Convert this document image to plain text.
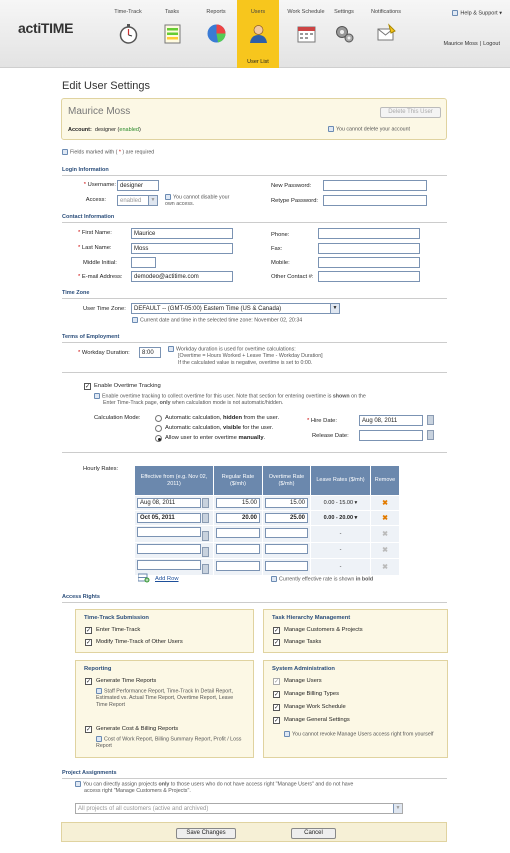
actiTIME
Time-Track	Tasks	Reports	Users	Work Schedule	Settings	Notifications	Help & Support ▾
Maurice Moss | Logout
User List
Edit User Settings
Maurice Moss	Delete This User
Account: designer (enabled)	You cannot delete your account
Fields marked with ( * ) are required
Login Information
* Username: designer
Access:	enabled	▼	You cannot disable your own access.
New Password:
Retype Password:
Contact Information
* First Name:	Maurice
* Last Name:	Moss
Middle Initial:
* E-mail Address:	demodeo@actitime.com
Phone:
Fax:
Mobile:
Other Contact #:
Time Zone
User Time Zone:	DEFAULT -- (GMT-05:00) Eastern Time (US & Canada)	▼
Current date and time in the selected time zone: November 02, 20:34
Terms of Employment
* Workday Duration:	8:00
Workday duration is used for overtime calculations:
[Overtime = Hours Worked + Leave Time - Workday Duration]
If the calculated value is negative, overtime is set to 0:00.
✓ Enable Overtime Tracking
Enable overtime tracking to collect overtime for this user. Note that section for entering overtime is shown on the
Enter Time-Track page, only when calculation mode is not automatic/hidden.
Calculation Mode:	Automatic calculation, hidden from the user.
Automatic calculation, visible for the user.
Allow user to enter overtime manually.
* Hire Date:	Aug 08, 2011
Release Date:
Hourly Rates:
Effective from (e.g. Nov 02, 2011)	Regular Rate ($/mh)	Overtime Rate ($/mh)	Leave Rates ($/mh)	Remove
Aug 08, 2011	15.00	15.00	0.00 - 15.00 ▾	✖
Oct 05, 2011	20.00	25.00	0.00 - 20.00 ▾	✖
			-	✖
			-	✖
			-	✖
Add Row	Currently effective rate is shown in bold
Access Rights
Time-Track Submission
✓ Enter Time-Track
✓ Modify Time-Track of Other Users
Task Hierarchy Management
✓ Manage Customers & Projects
✓ Manage Tasks
Reporting
✓ Generate Time Reports
Staff Performance Report, Time-Track In Detail Report, Estimated vs. Actual Time Report, Overtime Report, Leave Time Report
✓ Generate Cost & Billing Reports
Cost of Work Report, Billing Summary Report, Profit / Loss Report
System Administration
✓ Manage Users
✓ Manage Billing Types
✓ Manage Work Schedule
✓ Manage General Settings
You cannot revoke Manage Users access right from yourself
Project Assignments
You can directly assign projects only to those users who do not have access right "Manage Users" and do not have
access right "Manage Customers & Projects".
All projects of all customers (active and archived)	▼
Save Changes	Cancel
